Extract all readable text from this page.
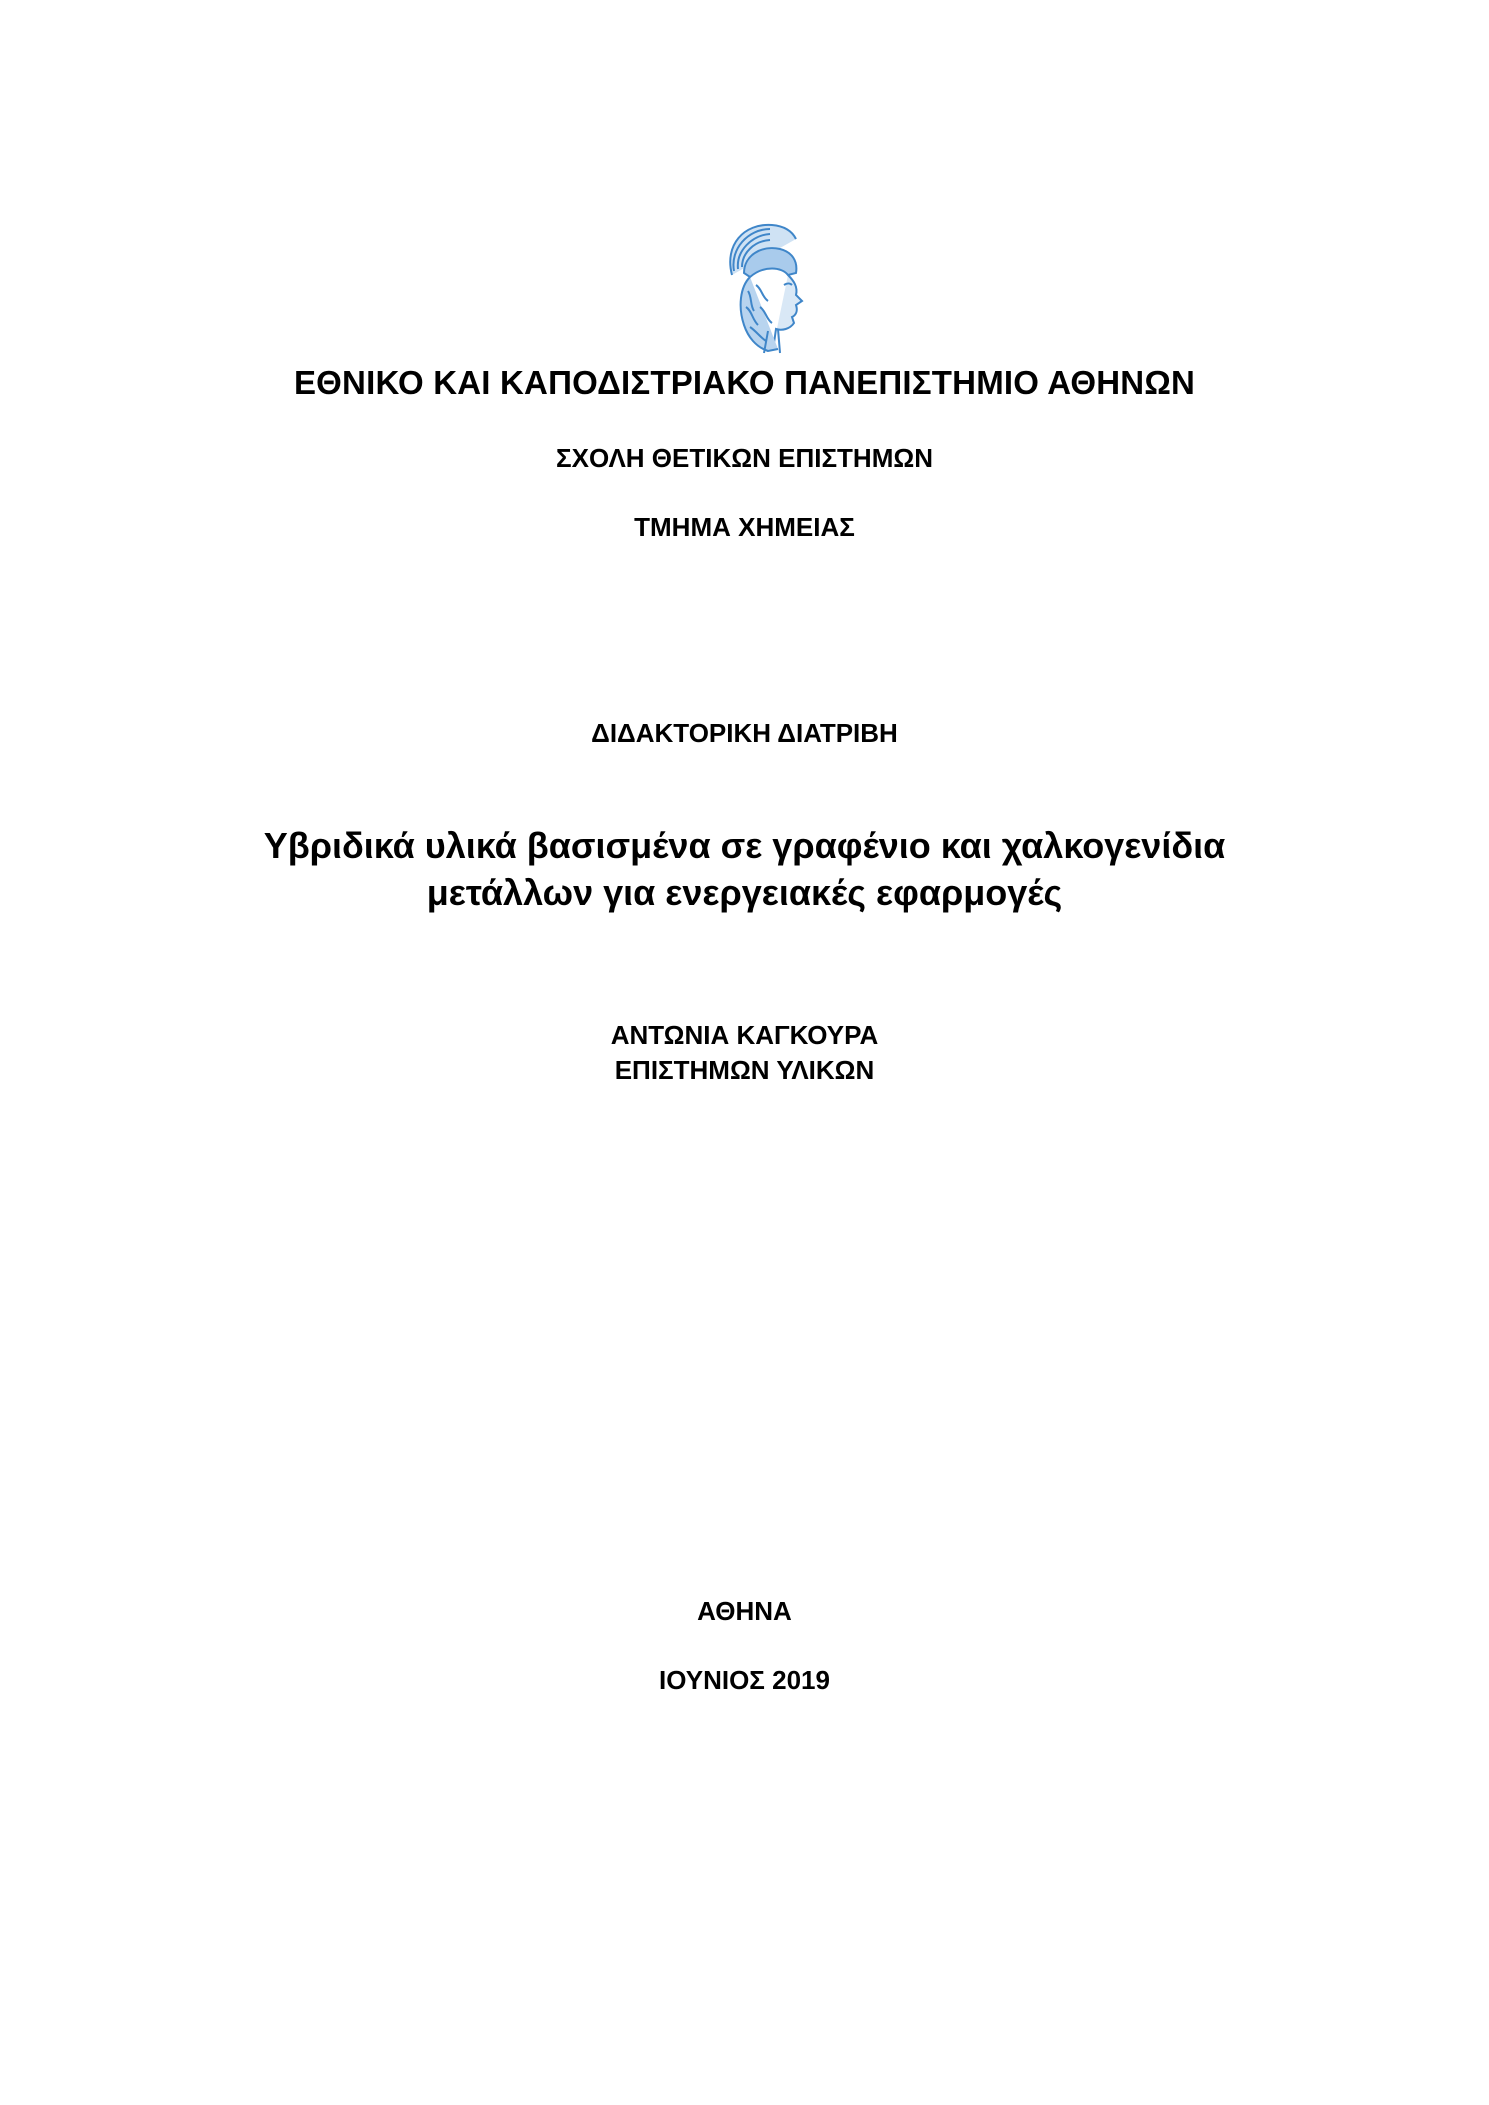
ΕΘΝΙΚΟ ΚΑΙ ΚΑΠΟΔΙΣΤΡΙΑΚΟ ΠΑΝΕΠΙΣΤΗΜΙΟ ΑΘΗΝΩΝ
ΣΧΟΛΗ ΘΕΤΙΚΩΝ ΕΠΙΣΤΗΜΩΝ
ΤΜΗΜΑ ΧΗΜΕΙΑΣ
ΔΙΔΑΚΤΟΡΙΚΗ ΔΙΑΤΡΙΒΗ
Υβριδικά υλικά βασισμένα σε γραφένιο και χαλκογενίδια
μετάλλων για ενεργειακές εφαρμογές
ΑΝΤΩΝΙΑ ΚΑΓΚΟΥΡΑ
ΕΠΙΣΤΗΜΩΝ ΥΛΙΚΩΝ
ΑΘΗΝΑ
ΙΟΥΝΙΟΣ 2019
